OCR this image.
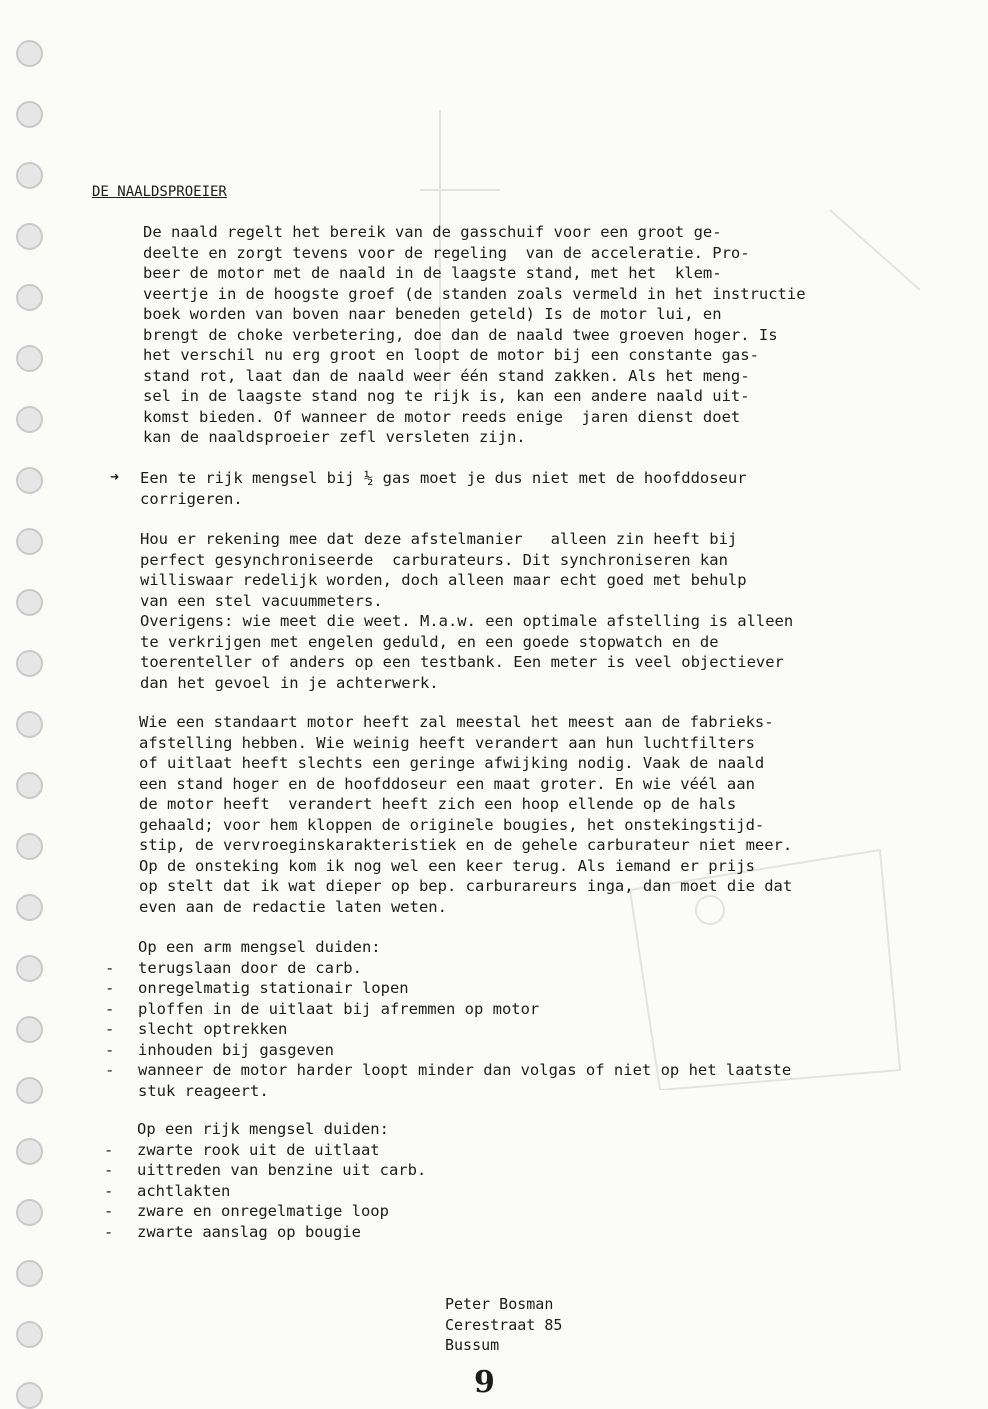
DE NAALDSPROEIER
De naald regelt het bereik van de gasschuif voor een groot ge-
deelte en zorgt tevens voor de regeling  van de acceleratie. Pro-
beer de motor met de naald in de laagste stand, met het  klem-
veertje in de hoogste groef (de standen zoals vermeld in het instructie
boek worden van boven naar beneden geteld) Is de motor lui, en
brengt de choke verbetering, doe dan de naald twee groeven hoger. Is
het verschil nu erg groot en loopt de motor bij een constante gas-
stand rot, laat dan de naald weer één stand zakken. Als het meng-
sel in de laagste stand nog te rijk is, kan een andere naald uit-
komst bieden. Of wanneer de motor reeds enige  jaren dienst doet
kan de naaldsproeier zefl versleten zijn.
➜ Een te rijk mengsel bij ½ gas moet je dus niet met de hoofddoseur
corrigeren.
Hou er rekening mee dat deze afstelmanier   alleen zin heeft bij
perfect gesynchroniseerde  carburateurs. Dit synchroniseren kan
williswaar redelijk worden, doch alleen maar echt goed met behulp
van een stel vacuummeters.
Overigens: wie meet die weet. M.a.w. een optimale afstelling is alleen
te verkrijgen met engelen geduld, en een goede stopwatch en de
toerenteller of anders op een testbank. Een meter is veel objectiever
dan het gevoel in je achterwerk.
Wie een standaart motor heeft zal meestal het meest aan de fabrieks-
afstelling hebben. Wie weinig heeft verandert aan hun luchtfilters
of uitlaat heeft slechts een geringe afwijking nodig. Vaak de naald
een stand hoger en de hoofddoseur een maat groter. En wie véél aan
de motor heeft  verandert heeft zich een hoop ellende op de hals
gehaald; voor hem kloppen de originele bougies, het onstekingstijd-
stip, de vervroeginskarakteristiek en de gehele carburateur niet meer.
Op de onsteking kom ik nog wel een keer terug. Als iemand er prijs
op stelt dat ik wat dieper op bep. carburareurs inga, dan moet die dat
even aan de redactie laten weten.
Op een arm mengsel duiden:
- terugslaan door de carb.
- onregelmatig stationair lopen
- ploffen in de uitlaat bij afremmen op motor
- slecht optrekken
- inhouden bij gasgeven
- wanneer de motor harder loopt minder dan volgas of niet op het laatste
stuk reageert.
Op een rijk mengsel duiden:
- zwarte rook uit de uitlaat
- uittreden van benzine uit carb.
- achtlakten
- zware en onregelmatige loop
- zwarte aanslag op bougie
Peter Bosman
Cerestraat 85
Bussum
9
